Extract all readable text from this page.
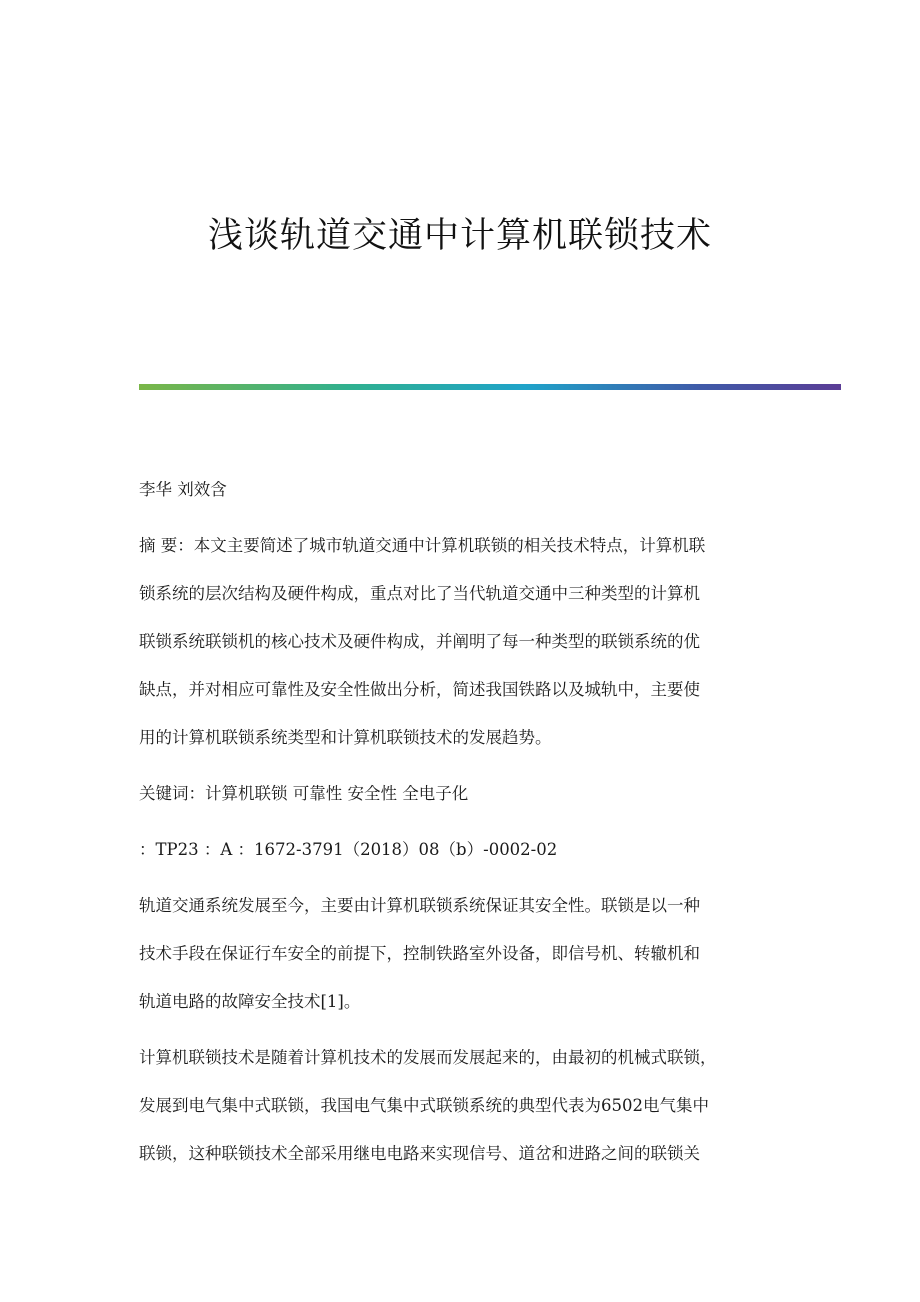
浅谈轨道交通中计算机联锁技术

李华 刘效含

摘 要：本文主要简述了城市轨道交通中计算机联锁的相关技术特点，计算机联

锁系统的层次结构及硬件构成，重点对比了当代轨道交通中三种类型的计算机

联锁系统联锁机的核心技术及硬件构成，并阐明了每一种类型的联锁系统的优

缺点，并对相应可靠性及安全性做出分析，简述我国铁路以及城轨中，主要使

用的计算机联锁系统类型和计算机联锁技术的发展趋势。

关键词：计算机联锁 可靠性 安全性 全电子化

：TP23 ：A ：1672-3791（2018）08（b）-0002-02

轨道交通系统发展至今，主要由计算机联锁系统保证其安全性。联锁是以一种

技术手段在保证行车安全的前提下，控制铁路室外设备，即信号机、转辙机和

轨道电路的故障安全技术[1]。

计算机联锁技术是随着计算机技术的发展而发展起来的，由最初的机械式联锁，

发展到电气集中式联锁，我国电气集中式联锁系统的典型代表为6502电气集中

联锁，这种联锁技术全部采用继电电路来实现信号、道岔和进路之间的联锁关
